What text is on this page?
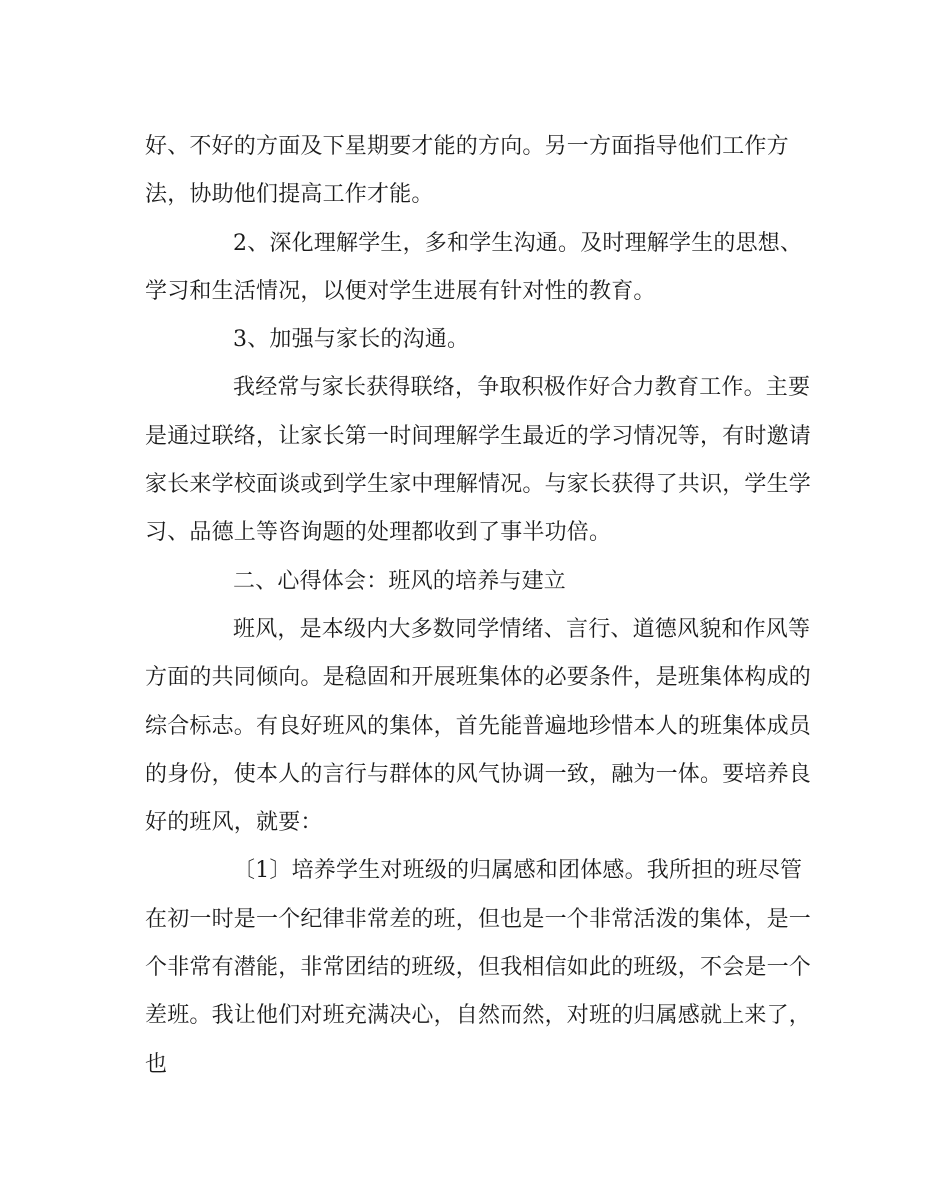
好、不好的方面及下星期要才能的方向。另一方面指导他们工作方法，协助他们提高工作才能。

2、深化理解学生，多和学生沟通。及时理解学生的思想、学习和生活情况，以便对学生进展有针对性的教育。

3、加强与家长的沟通。

我经常与家长获得联络，争取积极作好合力教育工作。主要是通过联络，让家长第一时间理解学生最近的学习情况等，有时邀请家长来学校面谈或到学生家中理解情况。与家长获得了共识，学生学习、品德上等咨询题的处理都收到了事半功倍。

二、心得体会：班风的培养与建立

班风，是本级内大多数同学情绪、言行、道德风貌和作风等方面的共同倾向。是稳固和开展班集体的必要条件，是班集体构成的综合标志。有良好班风的集体，首先能普遍地珍惜本人的班集体成员的身份，使本人的言行与群体的风气协调一致，融为一体。要培养良好的班风，就要：

〔1〕培养学生对班级的归属感和团体感。我所担的班尽管在初一时是一个纪律非常差的班，但也是一个非常活泼的集体，是一个非常有潜能，非常团结的班级，但我相信如此的班级，不会是一个差班。我让他们对班充满决心，自然而然，对班的归属感就上来了，也
